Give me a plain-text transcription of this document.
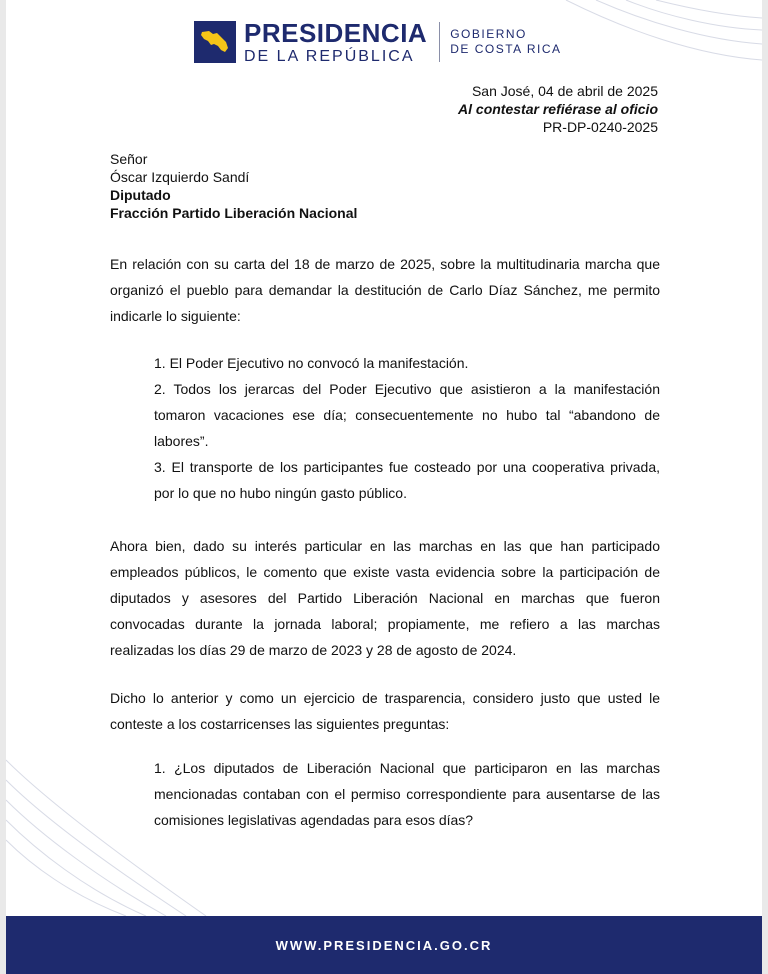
PRESIDENCIA
DE LA REPÚBLICA
GOBIERNO
DE COSTA RICA
San José, 04 de abril de 2025
Al contestar refiérase al oficio
PR-DP-0240-2025
Señor
Óscar Izquierdo Sandí
Diputado
Fracción Partido Liberación Nacional
En relación con su carta del 18 de marzo de 2025, sobre la multitudinaria marcha que organizó el pueblo para demandar la destitución de Carlo Díaz Sánchez, me permito indicarle lo siguiente:
1. El Poder Ejecutivo no convocó la manifestación.
2. Todos los jerarcas del Poder Ejecutivo que asistieron a la manifestación tomaron vacaciones ese día; consecuentemente no hubo tal “abandono de labores”.
3. El transporte de los participantes fue costeado por una cooperativa privada, por lo que no hubo ningún gasto público.
Ahora bien, dado su interés particular en las marchas en las que han participado empleados públicos, le comento que existe vasta evidencia sobre la participación de diputados y asesores del Partido Liberación Nacional en marchas que fueron convocadas durante la jornada laboral; propiamente, me refiero a las marchas realizadas los días 29 de marzo de 2023 y 28 de agosto de 2024.
Dicho lo anterior y como un ejercicio de trasparencia, considero justo que usted le conteste a los costarricenses las siguientes preguntas:
1. ¿Los diputados de Liberación Nacional que participaron en las marchas mencionadas contaban con el permiso correspondiente para ausentarse de las comisiones legislativas agendadas para esos días?
WWW.PRESIDENCIA.GO.CR
